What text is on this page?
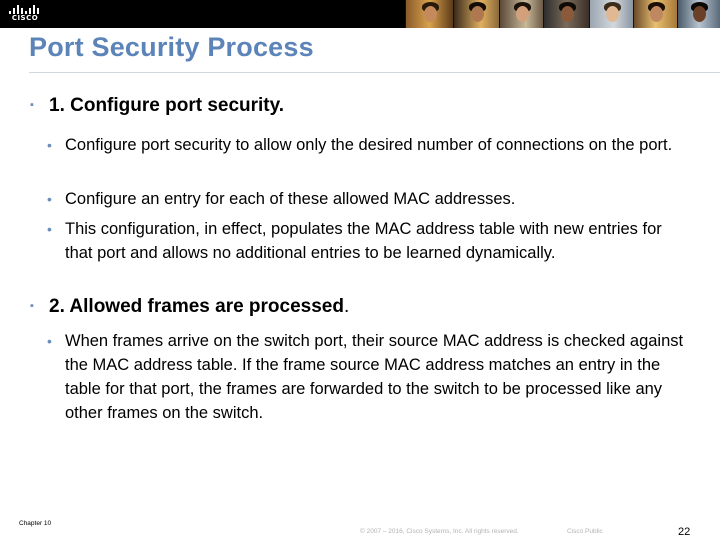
CISCO
Port Security Process
▪ 1. Configure port security.
• Configure port security to allow only the desired number of connections on the port.
• Configure an entry for each of these allowed MAC addresses.
• This configuration, in effect, populates the MAC address table with new entries for that port and allows no additional entries to be learned dynamically.
▪ 2. Allowed frames are processed.
• When frames arrive on the switch port, their source MAC address is checked against the MAC address table. If the frame source MAC address matches an entry in the table for that port, the frames are forwarded to the switch to be processed like any other frames on the switch.
Chapter 10
© 2007 – 2016, Cisco Systems, Inc. All rights reserved.	Cisco Public	22
